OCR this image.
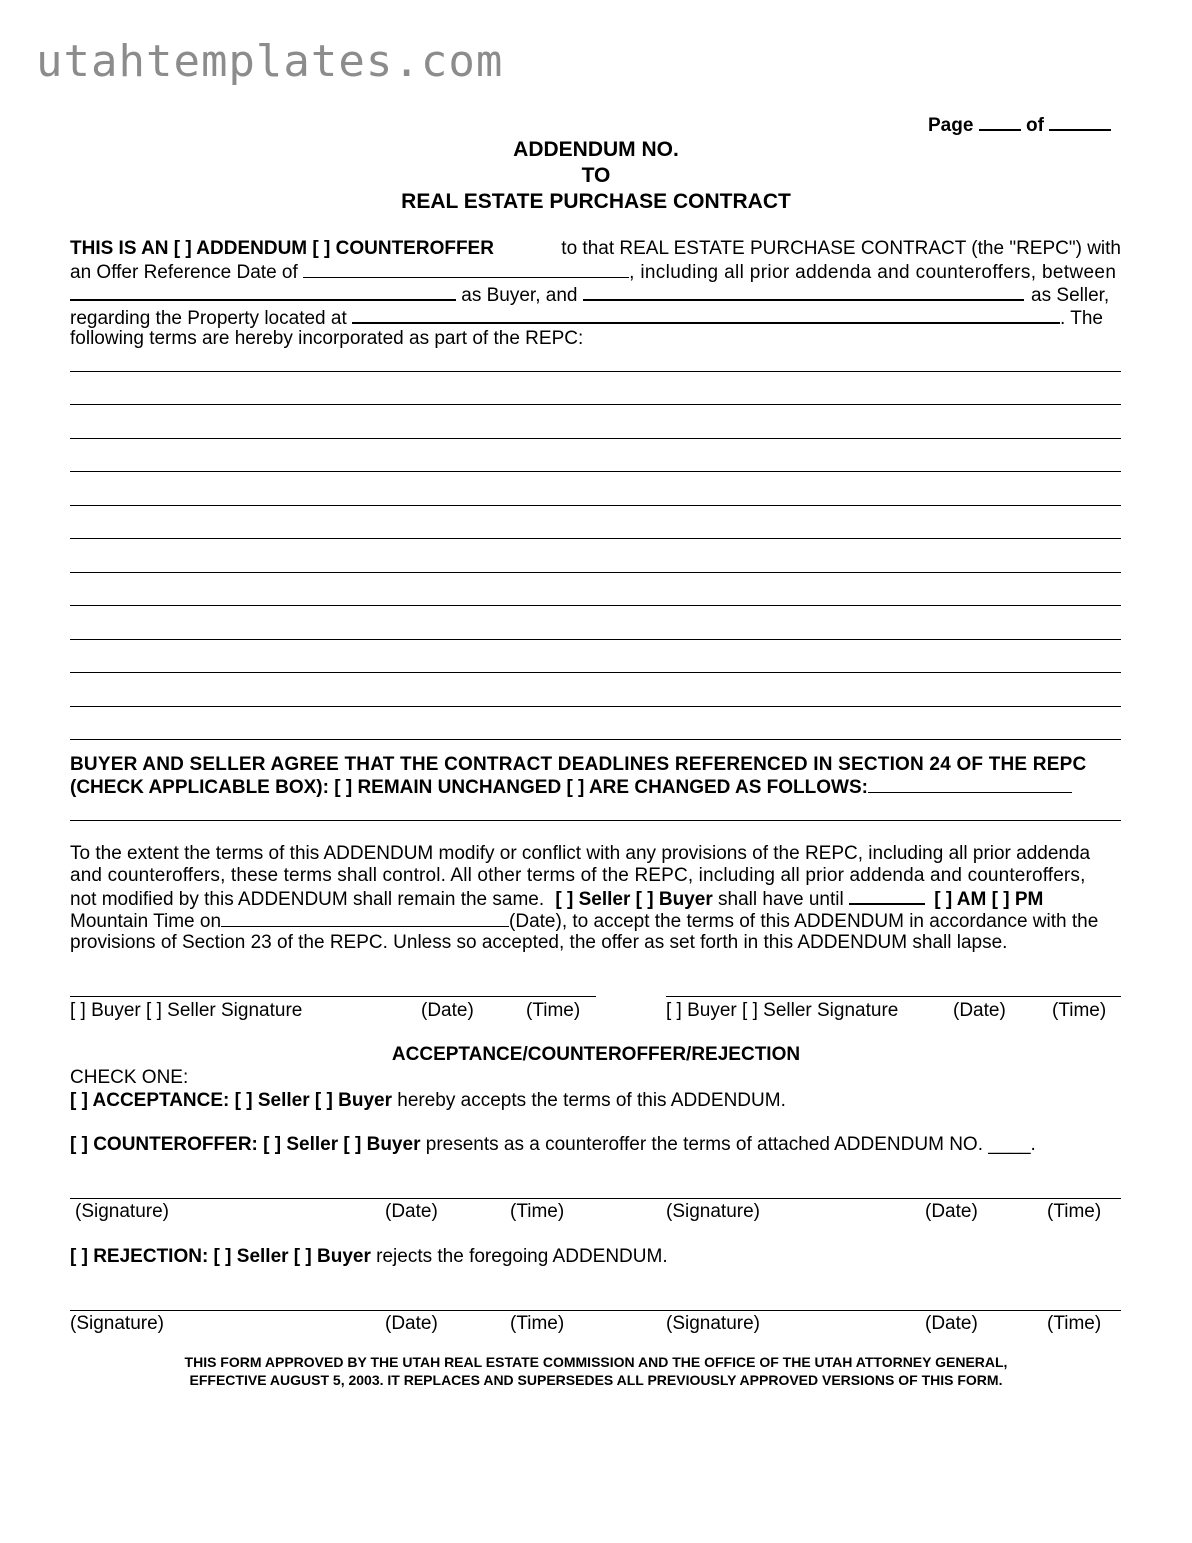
utahtemplates.com
Page	of
ADDENDUM NO.
TO
REAL ESTATE PURCHASE CONTRACT
THIS IS AN [ ] ADDENDUM [ ] COUNTEROFFER	to that REAL ESTATE PURCHASE CONTRACT (the "REPC") with
an Offer Reference Date of	, including all prior addenda and counteroffers, between
as Buyer, and	as Seller,
regarding the Property located at	. The
following terms are hereby incorporated as part of the REPC:
BUYER AND SELLER AGREE THAT THE CONTRACT DEADLINES REFERENCED IN SECTION 24 OF THE REPC
(CHECK APPLICABLE BOX): [ ] REMAIN UNCHANGED [ ] ARE CHANGED AS FOLLOWS:
To the extent the terms of this ADDENDUM modify or conflict with any provisions of the REPC, including all prior addenda
and counteroffers, these terms shall control. All other terms of the REPC, including all prior addenda and counteroffers,
not modified by this ADDENDUM shall remain the same. [ ] Seller [ ] Buyer shall have until	[ ] AM [ ] PM
Mountain Time on	(Date), to accept the terms of this ADDENDUM in accordance with the
provisions of Section 23 of the REPC. Unless so accepted, the offer as set forth in this ADDENDUM shall lapse.
[ ] Buyer [ ] Seller Signature	(Date)	(Time)	[ ] Buyer [ ] Seller Signature	(Date) (Time)
ACCEPTANCE/COUNTEROFFER/REJECTION
CHECK ONE:
[ ] ACCEPTANCE: [ ] Seller [ ] Buyer hereby accepts the terms of this ADDENDUM.
[ ] COUNTEROFFER: [ ] Seller [ ] Buyer presents as a counteroffer the terms of attached ADDENDUM NO. ____.
(Signature)	(Date)	(Time)	(Signature)	(Date)	(Time)
[ ] REJECTION: [ ] Seller [ ] Buyer rejects the foregoing ADDENDUM.
(Signature)	(Date)	(Time)	(Signature)	(Date)	(Time)
THIS FORM APPROVED BY THE UTAH REAL ESTATE COMMISSION AND THE OFFICE OF THE UTAH ATTORNEY GENERAL,
EFFECTIVE AUGUST 5, 2003. IT REPLACES AND SUPERSEDES ALL PREVIOUSLY APPROVED VERSIONS OF THIS FORM.
